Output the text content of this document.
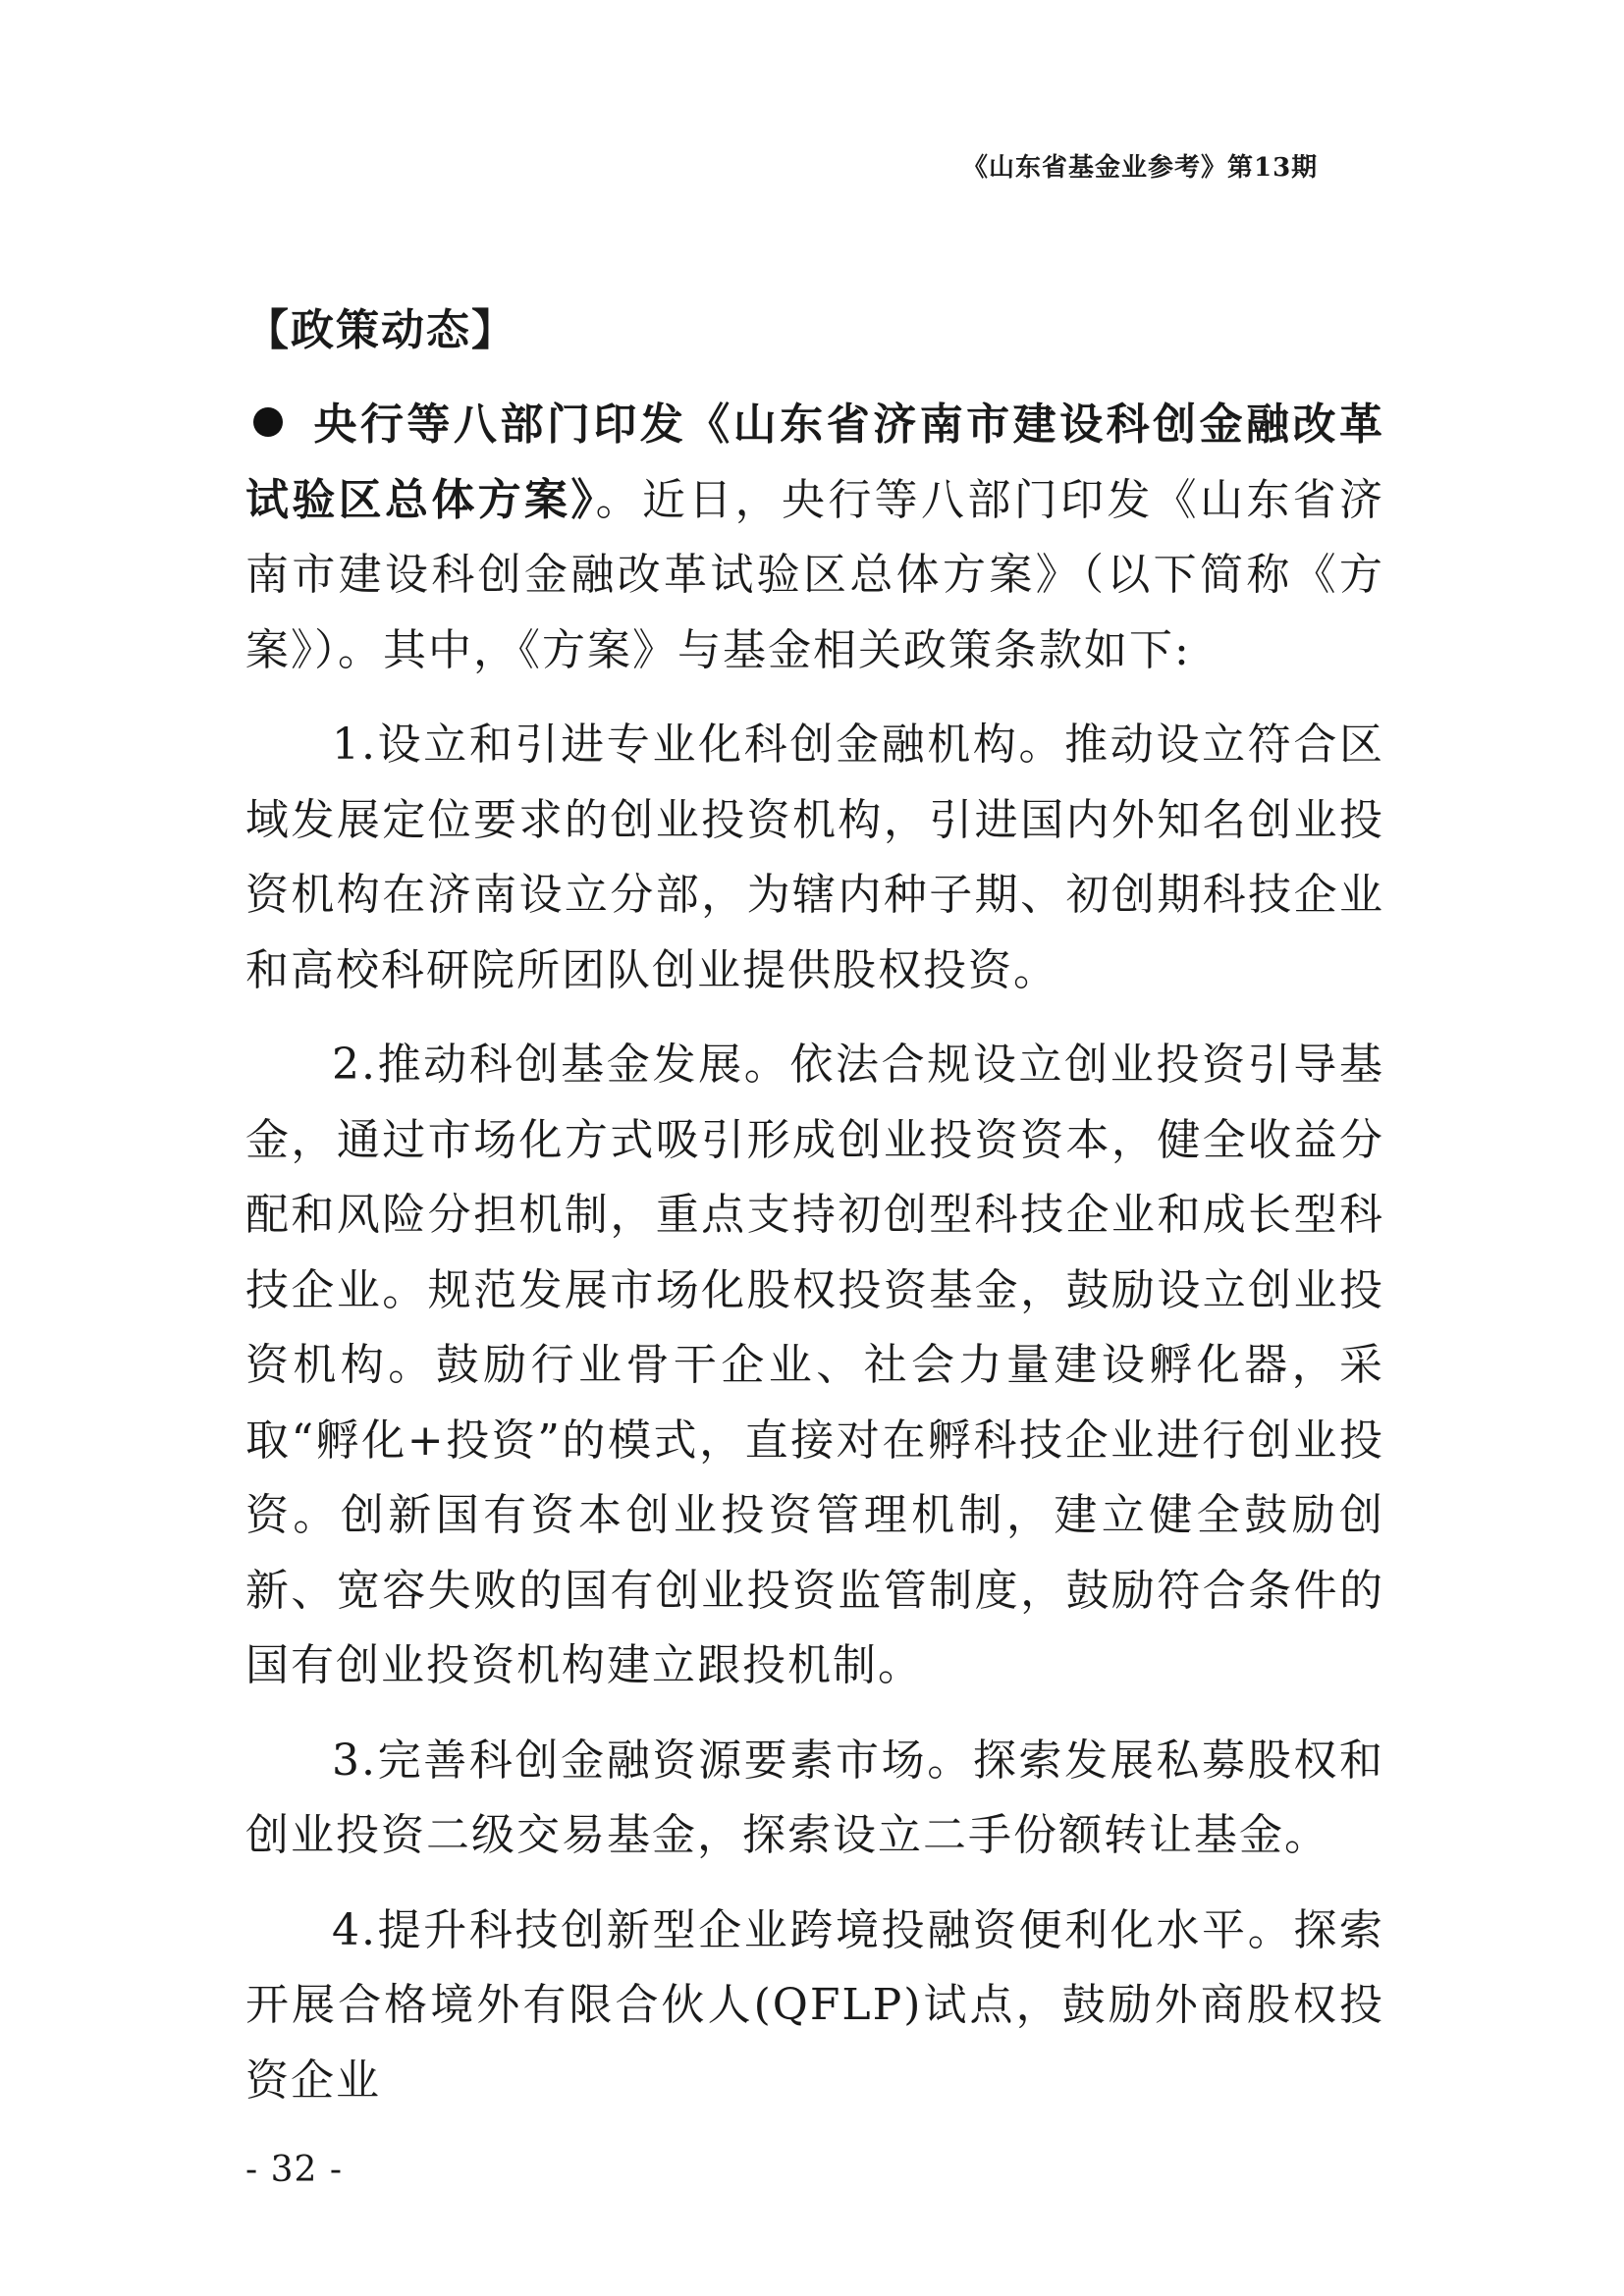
《山东省基金业参考》第13期
【政策动态】

央行等八部门印发《山东省济南市建设科创金融改革试验区总体方案》。近日，央行等八部门印发《山东省济南市建设科创金融改革试验区总体方案》（以下简称《方案》）。其中，《方案》与基金相关政策条款如下:

1.设立和引进专业化科创金融机构。推动设立符合区域发展定位要求的创业投资机构，引进国内外知名创业投资机构在济南设立分部，为辖内种子期、初创期科技企业和高校科研院所团队创业提供股权投资。

2.推动科创基金发展。依法合规设立创业投资引导基金，通过市场化方式吸引形成创业投资资本，健全收益分配和风险分担机制，重点支持初创型科技企业和成长型科技企业。规范发展市场化股权投资基金，鼓励设立创业投资机构。鼓励行业骨干企业、社会力量建设孵化器，采取“孵化+投资”的模式，直接对在孵科技企业进行创业投资。创新国有资本创业投资管理机制，建立健全鼓励创新、宽容失败的国有创业投资监管制度，鼓励符合条件的国有创业投资机构建立跟投机制。

3.完善科创金融资源要素市场。探索发展私募股权和创业投资二级交易基金，探索设立二手份额转让基金。

4.提升科技创新型企业跨境投融资便利化水平。探索开展合格境外有限合伙人(QFLP)试点，鼓励外商股权投资企业

- 32 -
